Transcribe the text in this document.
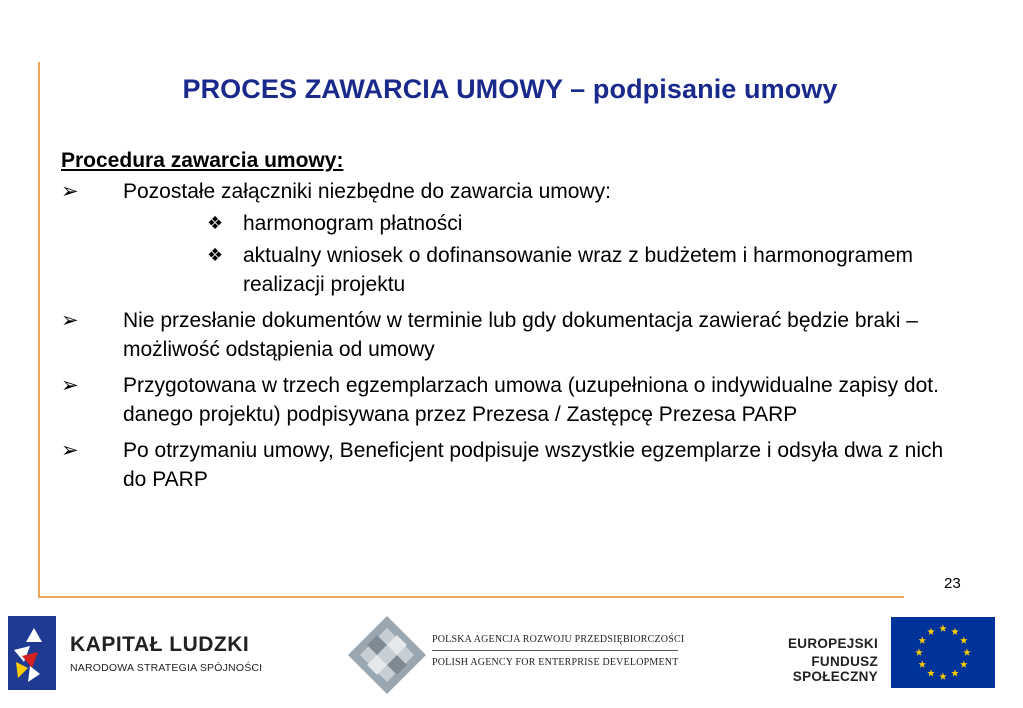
PROCES ZAWARCIA UMOWY – podpisanie umowy
Procedura zawarcia umowy:
➢	Pozostałe załączniki niezbędne do zawarcia umowy:
❖ harmonogram płatności
❖ aktualny wniosek o dofinansowanie wraz z budżetem i harmonogramem realizacji projektu
➢	Nie przesłanie dokumentów w terminie lub gdy dokumentacja zawierać będzie braki – możliwość odstąpienia od umowy
➢	Przygotowana w trzech egzemplarzach umowa (uzupełniona o indywidualne zapisy dot. danego projektu) podpisywana przez Prezesa / Zastępcę Prezesa PARP
➢	Po otrzymaniu umowy, Beneficjent podpisuje wszystkie egzemplarze i odsyła dwa z nich do PARP
23
KAPITAŁ LUDZKI
NARODOWA STRATEGIA SPÓJNOŚCI
POLSKA AGENCJA ROZWOJU PRZEDSIĘBIORCZOŚCI
POLISH AGENCY FOR ENTERPRISE DEVELOPMENT
EUROPEJSKI
FUNDUSZ SPOŁECZNY
